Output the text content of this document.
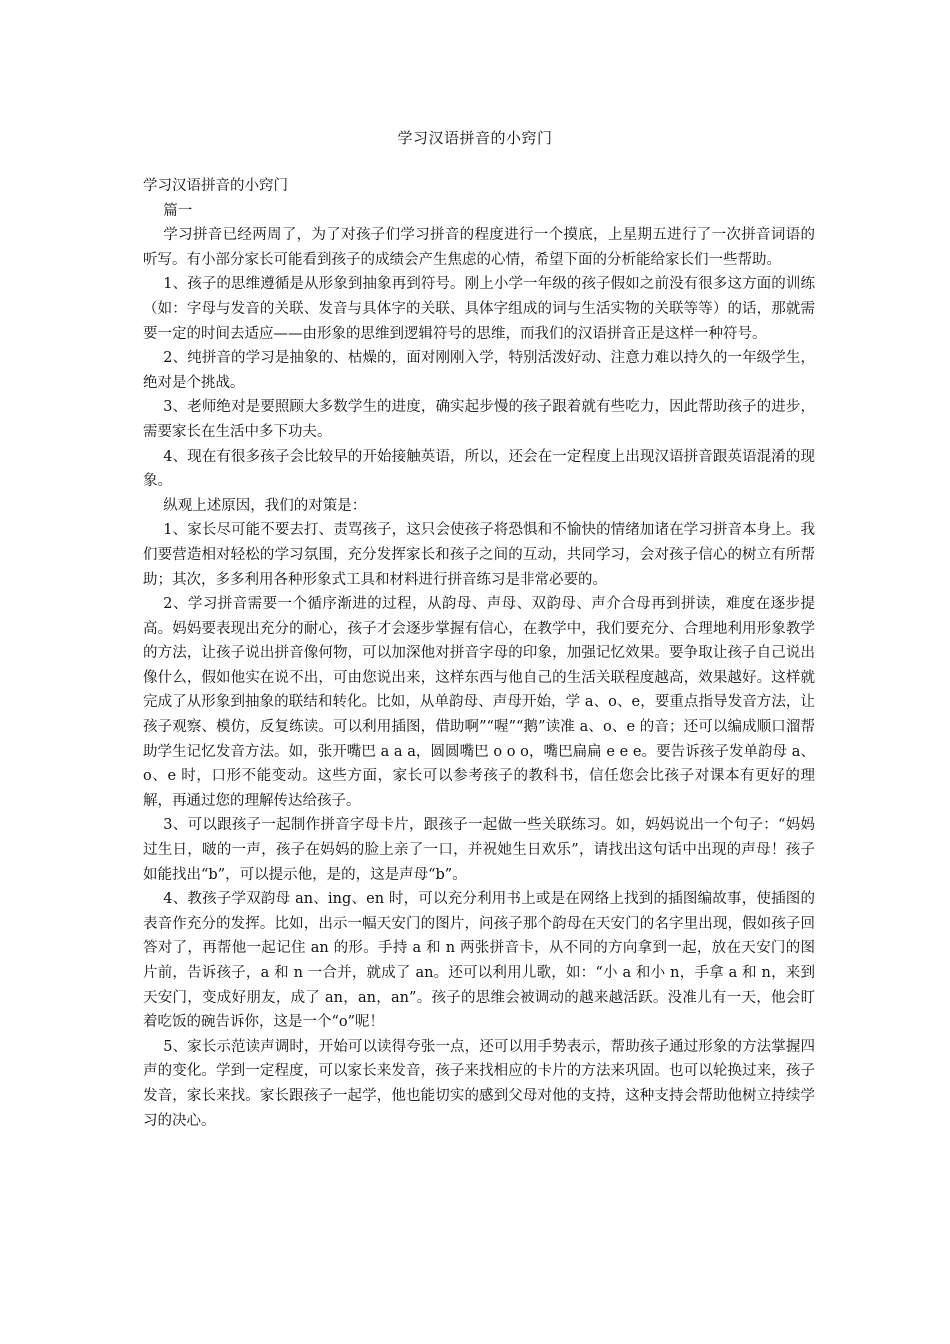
学习汉语拼音的小窍门

学习汉语拼音的小窍门

篇一

学习拼音已经两周了，为了对孩子们学习拼音的程度进行一个摸底，上星期五进行了一次拼音词语的听写。有小部分家长可能看到孩子的成绩会产生焦虑的心情，希望下面的分析能给家长们一些帮助。

1、孩子的思维遵循是从形象到抽象再到符号。刚上小学一年级的孩子假如之前没有很多这方面的训练（如：字母与发音的关联、发音与具体字的关联、具体字组成的词与生活实物的关联等等）的话，那就需要一定的时间去适应——由形象的思维到逻辑符号的思维，而我们的汉语拼音正是这样一种符号。

2、纯拼音的学习是抽象的、枯燥的，面对刚刚入学，特别活泼好动、注意力难以持久的一年级学生，绝对是个挑战。

3、老师绝对是要照顾大多数学生的进度，确实起步慢的孩子跟着就有些吃力，因此帮助孩子的进步，需要家长在生活中多下功夫。

4、现在有很多孩子会比较早的开始接触英语，所以，还会在一定程度上出现汉语拼音跟英语混淆的现象。

纵观上述原因，我们的对策是：

1、家长尽可能不要去打、责骂孩子，这只会使孩子将恐惧和不愉快的情绪加诸在学习拼音本身上。我们要营造相对轻松的学习氛围，充分发挥家长和孩子之间的互动，共同学习，会对孩子信心的树立有所帮助；其次，多多利用各种形象式工具和材料进行拼音练习是非常必要的。

2、学习拼音需要一个循序渐进的过程，从韵母、声母、双韵母、声介合母再到拼读，难度在逐步提高。妈妈要表现出充分的耐心，孩子才会逐步掌握有信心，在教学中，我们要充分、合理地利用形象教学的方法，让孩子说出拼音像何物，可以加深他对拼音字母的印象，加强记忆效果。要争取让孩子自己说出像什么，假如他实在说不出，可由您说出来，这样东西与他自己的生活关联程度越高，效果越好。这样就完成了从形象到抽象的联结和转化。比如，从单韵母、声母开始，学 a、o、e，要重点指导发音方法，让孩子观察、模仿，反复练读。可以利用插图，借助啊”“喔”“鹅”读准 a、o、e 的音；还可以编成顺口溜帮助学生记忆发音方法。如，张开嘴巴 a a a，圆圆嘴巴 o o o，嘴巴扁扁 e e e。要告诉孩子发单韵母 a、o、e 时，口形不能变动。这些方面，家长可以参考孩子的教科书，信任您会比孩子对课本有更好的理解，再通过您的理解传达给孩子。

3、可以跟孩子一起制作拼音字母卡片，跟孩子一起做一些关联练习。如，妈妈说出一个句子：“妈妈过生日，啵的一声，孩子在妈妈的脸上亲了一口，并祝她生日欢乐”，请找出这句话中出现的声母！孩子如能找出“b”，可以提示他，是的，这是声母“b”。

4、教孩子学双韵母 an、ing、en 时，可以充分利用书上或是在网络上找到的插图编故事，使插图的表音作充分的发挥。比如，出示一幅天安门的图片，问孩子那个韵母在天安门的名字里出现，假如孩子回答对了，再帮他一起记住 an 的形。手持 a 和 n 两张拼音卡，从不同的方向拿到一起，放在天安门的图片前，告诉孩子，a 和 n 一合并，就成了 an。还可以利用儿歌，如：“小 a 和小 n，手拿 a 和 n，来到天安门，变成好朋友，成了 an，an，an”。孩子的思维会被调动的越来越活跃。没准儿有一天，他会盯着吃饭的碗告诉你，这是一个“o”呢！

5、家长示范读声调时，开始可以读得夸张一点，还可以用手势表示，帮助孩子通过形象的方法掌握四声的变化。学到一定程度，可以家长来发音，孩子来找相应的卡片的方法来巩固。也可以轮换过来，孩子发音，家长来找。家长跟孩子一起学，他也能切实的感到父母对他的支持，这种支持会帮助他树立持续学习的决心。
